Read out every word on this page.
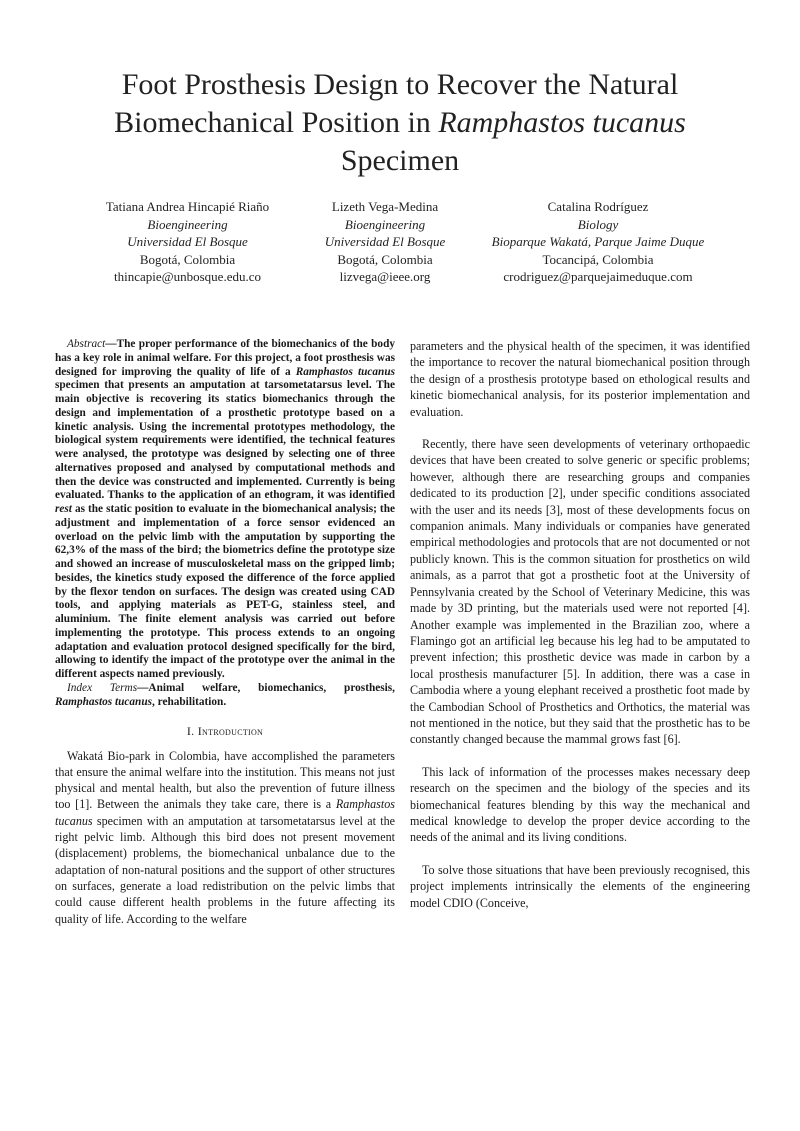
Foot Prosthesis Design to Recover the Natural
Biomechanical Position in Ramphastos tucanus
Specimen
Tatiana Andrea Hincapié Riaño
Bioengineering
Universidad El Bosque
Bogotá, Colombia
thincapie@unbosque.edu.co
Lizeth Vega-Medina
Bioengineering
Universidad El Bosque
Bogotá, Colombia
lizvega@ieee.org
Catalina Rodríguez
Biology
Bioparque Wakatá, Parque Jaime Duque
Tocancipá, Colombia
crodriguez@parquejaimeduque.com

Abstract—The proper performance of the biomechanics of the body has a key role in animal welfare. For this project, a foot prosthesis was designed for improving the quality of life of a Ramphastos tucanus specimen that presents an amputation at tarsometatarsus level. The main objective is recovering its statics biomechanics through the design and implementation of a prosthetic prototype based on a kinetic analysis. Using the incremental prototypes methodology, the biological system requirements were identified, the technical features were analysed, the prototype was designed by selecting one of three alternatives proposed and analysed by computational methods and then the device was constructed and implemented. Currently is being evaluated. Thanks to the application of an ethogram, it was identified rest as the static position to evaluate in the biomechanical analysis; the adjustment and implementation of a force sensor evidenced an overload on the pelvic limb with the amputation by supporting the 62,3% of the mass of the bird; the biometrics define the prototype size and showed an increase of musculoskeletal mass on the gripped limb; besides, the kinetics study exposed the difference of the force applied by the flexor tendon on surfaces. The design was created using CAD tools, and applying materials as PET-G, stainless steel, and aluminium. The finite element analysis was carried out before implementing the prototype. This process extends to an ongoing adaptation and evaluation protocol designed specifically for the bird, allowing to identify the impact of the prototype over the animal in the different aspects named previously.

Index Terms—Animal welfare, biomechanics, prosthesis, Ramphastos tucanus, rehabilitation.

I. Introduction

Wakatá Bio-park in Colombia, have accomplished the parameters that ensure the animal welfare into the institution. This means not just physical and mental health, but also the prevention of future illness too [1]. Between the animals they take care, there is a Ramphastos tucanus specimen with an amputation at tarsometatarsus level at the right pelvic limb. Although this bird does not present movement (displacement) problems, the biomechanical unbalance due to the adaptation of non-natural positions and the support of other structures on surfaces, generate a load redistribution on the pelvic limbs that could cause different health problems in the future affecting its quality of life. According to the welfare

parameters and the physical health of the specimen, it was identified the importance to recover the natural biomechanical position through the design of a prosthesis prototype based on ethological results and kinetic biomechanical analysis, for its posterior implementation and evaluation.

Recently, there have seen developments of veterinary orthopaedic devices that have been created to solve generic or specific problems; however, although there are researching groups and companies dedicated to its production [2], under specific conditions associated with the user and its needs [3], most of these developments focus on companion animals. Many individuals or companies have generated empirical methodologies and protocols that are not documented or not publicly known. This is the common situation for prosthetics on wild animals, as a parrot that got a prosthetic foot at the University of Pennsylvania created by the School of Veterinary Medicine, this was made by 3D printing, but the materials used were not reported [4]. Another example was implemented in the Brazilian zoo, where a Flamingo got an artificial leg because his leg had to be amputated to prevent infection; this prosthetic device was made in carbon by a local prosthesis manufacturer [5]. In addition, there was a case in Cambodia where a young elephant received a prosthetic foot made by the Cambodian School of Prosthetics and Orthotics, the material was not mentioned in the notice, but they said that the prosthetic has to be constantly changed because the mammal grows fast [6].

This lack of information of the processes makes necessary deep research on the specimen and the biology of the species and its biomechanical features blending by this way the mechanical and medical knowledge to develop the proper device according to the needs of the animal and its living conditions.

To solve those situations that have been previously recognised, this project implements intrinsically the elements of the engineering model CDIO (Conceive,
